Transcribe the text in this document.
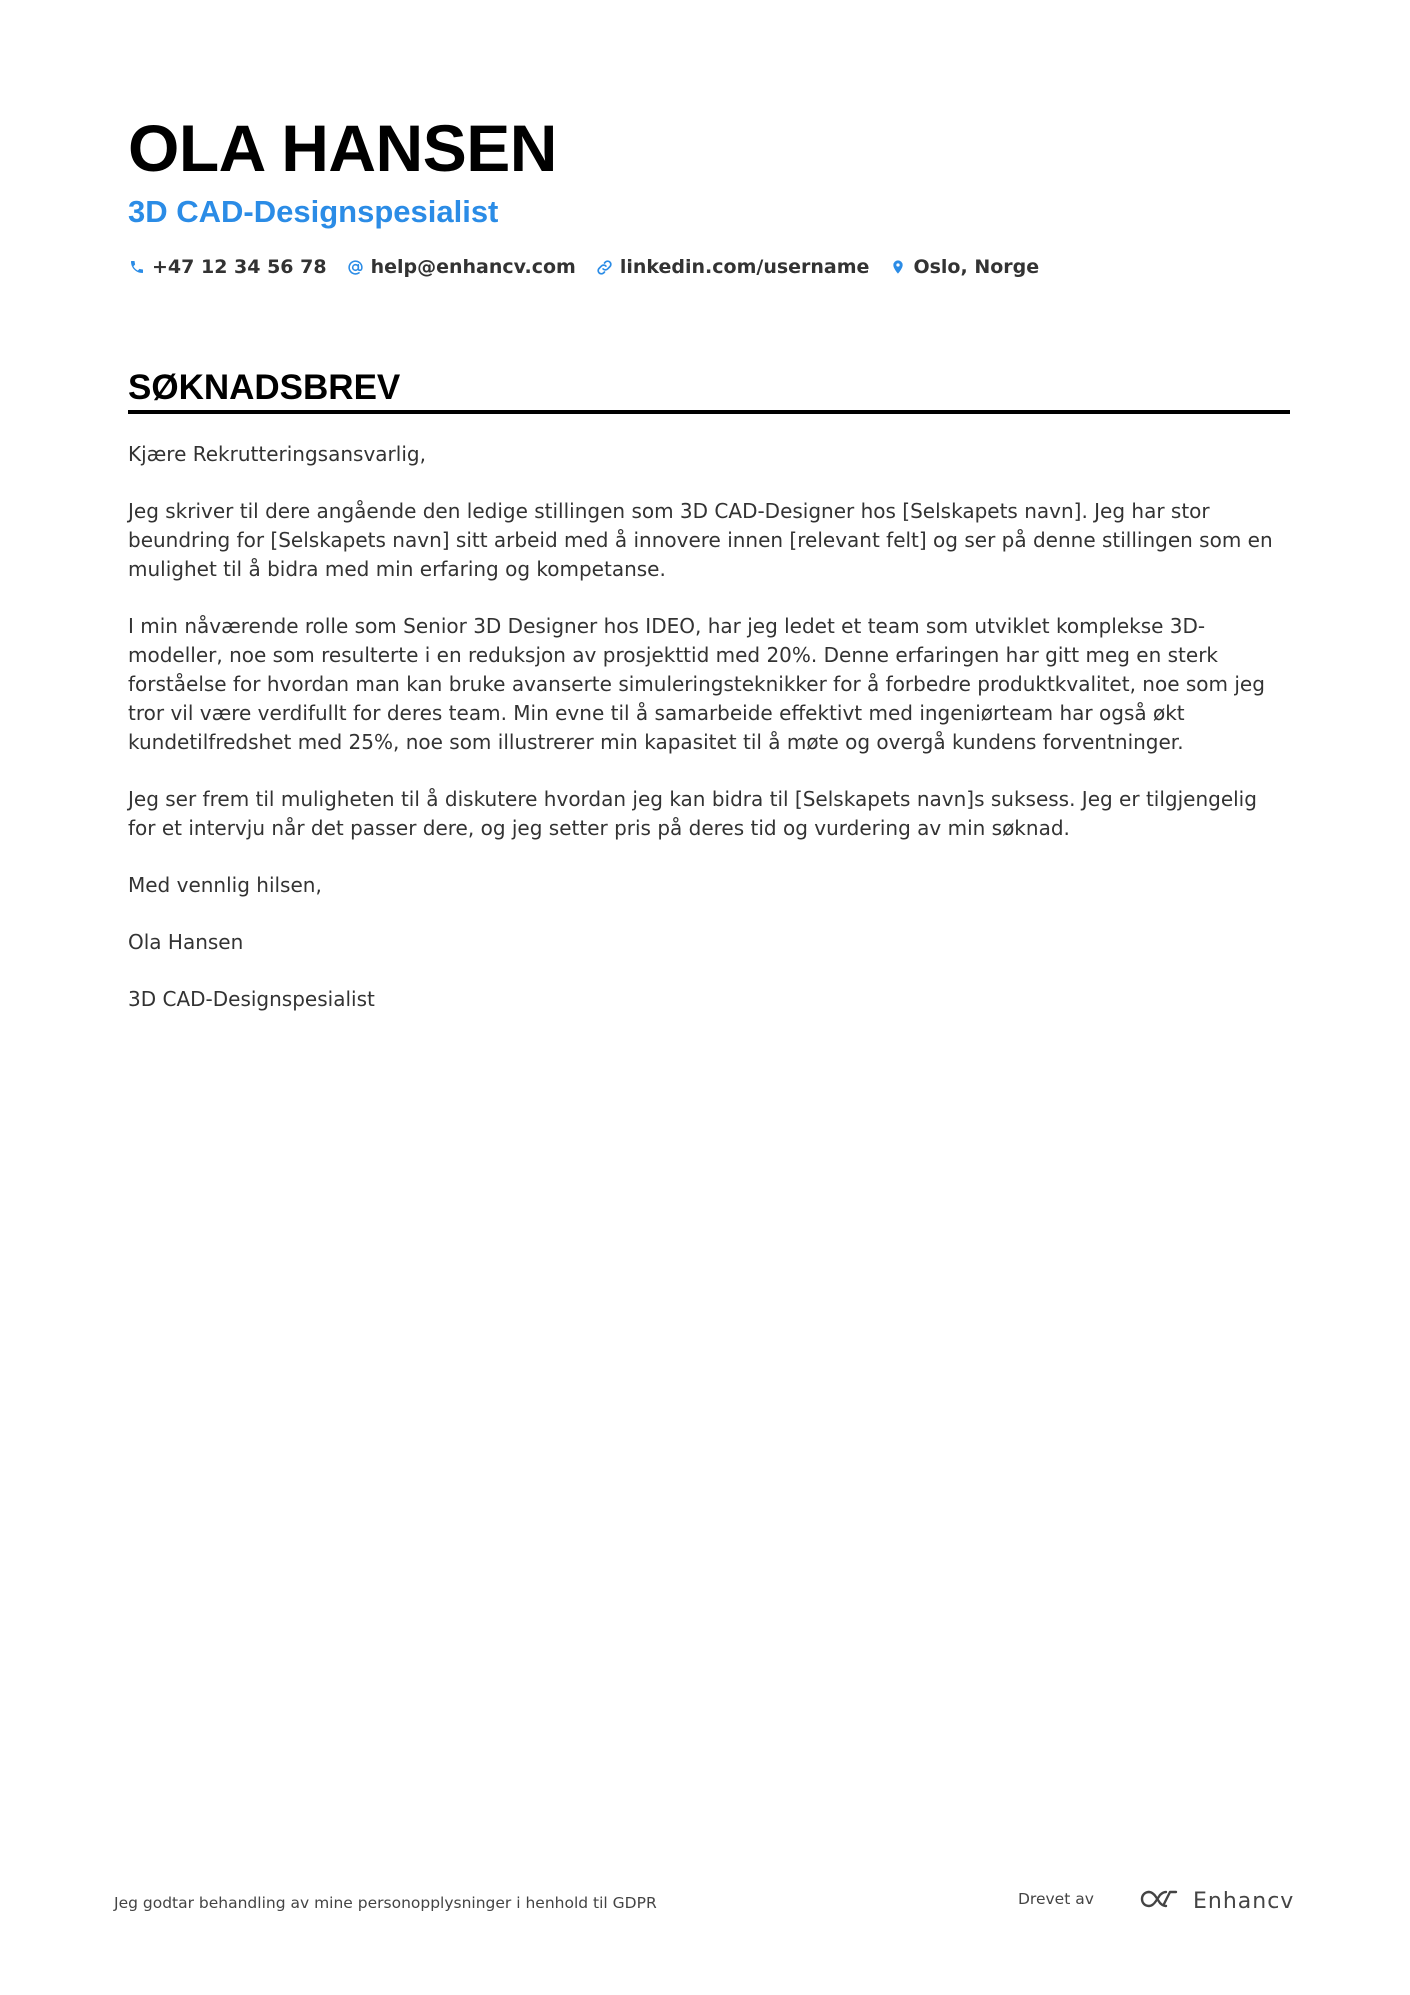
OLA HANSEN
3D CAD-Designspesialist
+47 12 34 56 78 help@enhancv.com linkedin.com/username Oslo, Norge
SØKNADSBREV

Kjære Rekrutteringsansvarlig,

Jeg skriver til dere angående den ledige stillingen som 3D CAD-Designer hos [Selskapets navn]. Jeg har stor beundring for [Selskapets navn] sitt arbeid med å innovere innen [relevant felt] og ser på denne stillingen som en mulighet til å bidra med min erfaring og kompetanse.

I min nåværende rolle som Senior 3D Designer hos IDEO, har jeg ledet et team som utviklet komplekse 3D-modeller, noe som resulterte i en reduksjon av prosjekttid med 20%. Denne erfaringen har gitt meg en sterk forståelse for hvordan man kan bruke avanserte simuleringsteknikker for å forbedre produktkvalitet, noe som jeg tror vil være verdifullt for deres team. Min evne til å samarbeide effektivt med ingeniørteam har også økt kundetilfredshet med 25%, noe som illustrerer min kapasitet til å møte og overgå kundens forventninger.

Jeg ser frem til muligheten til å diskutere hvordan jeg kan bidra til [Selskapets navn]s suksess. Jeg er tilgjengelig for et intervju når det passer dere, og jeg setter pris på deres tid og vurdering av min søknad.

Med vennlig hilsen,

Ola Hansen

3D CAD-Designspesialist

Jeg godtar behandling av mine personopplysninger i henhold til GDPR	Drevet av	Enhancv
